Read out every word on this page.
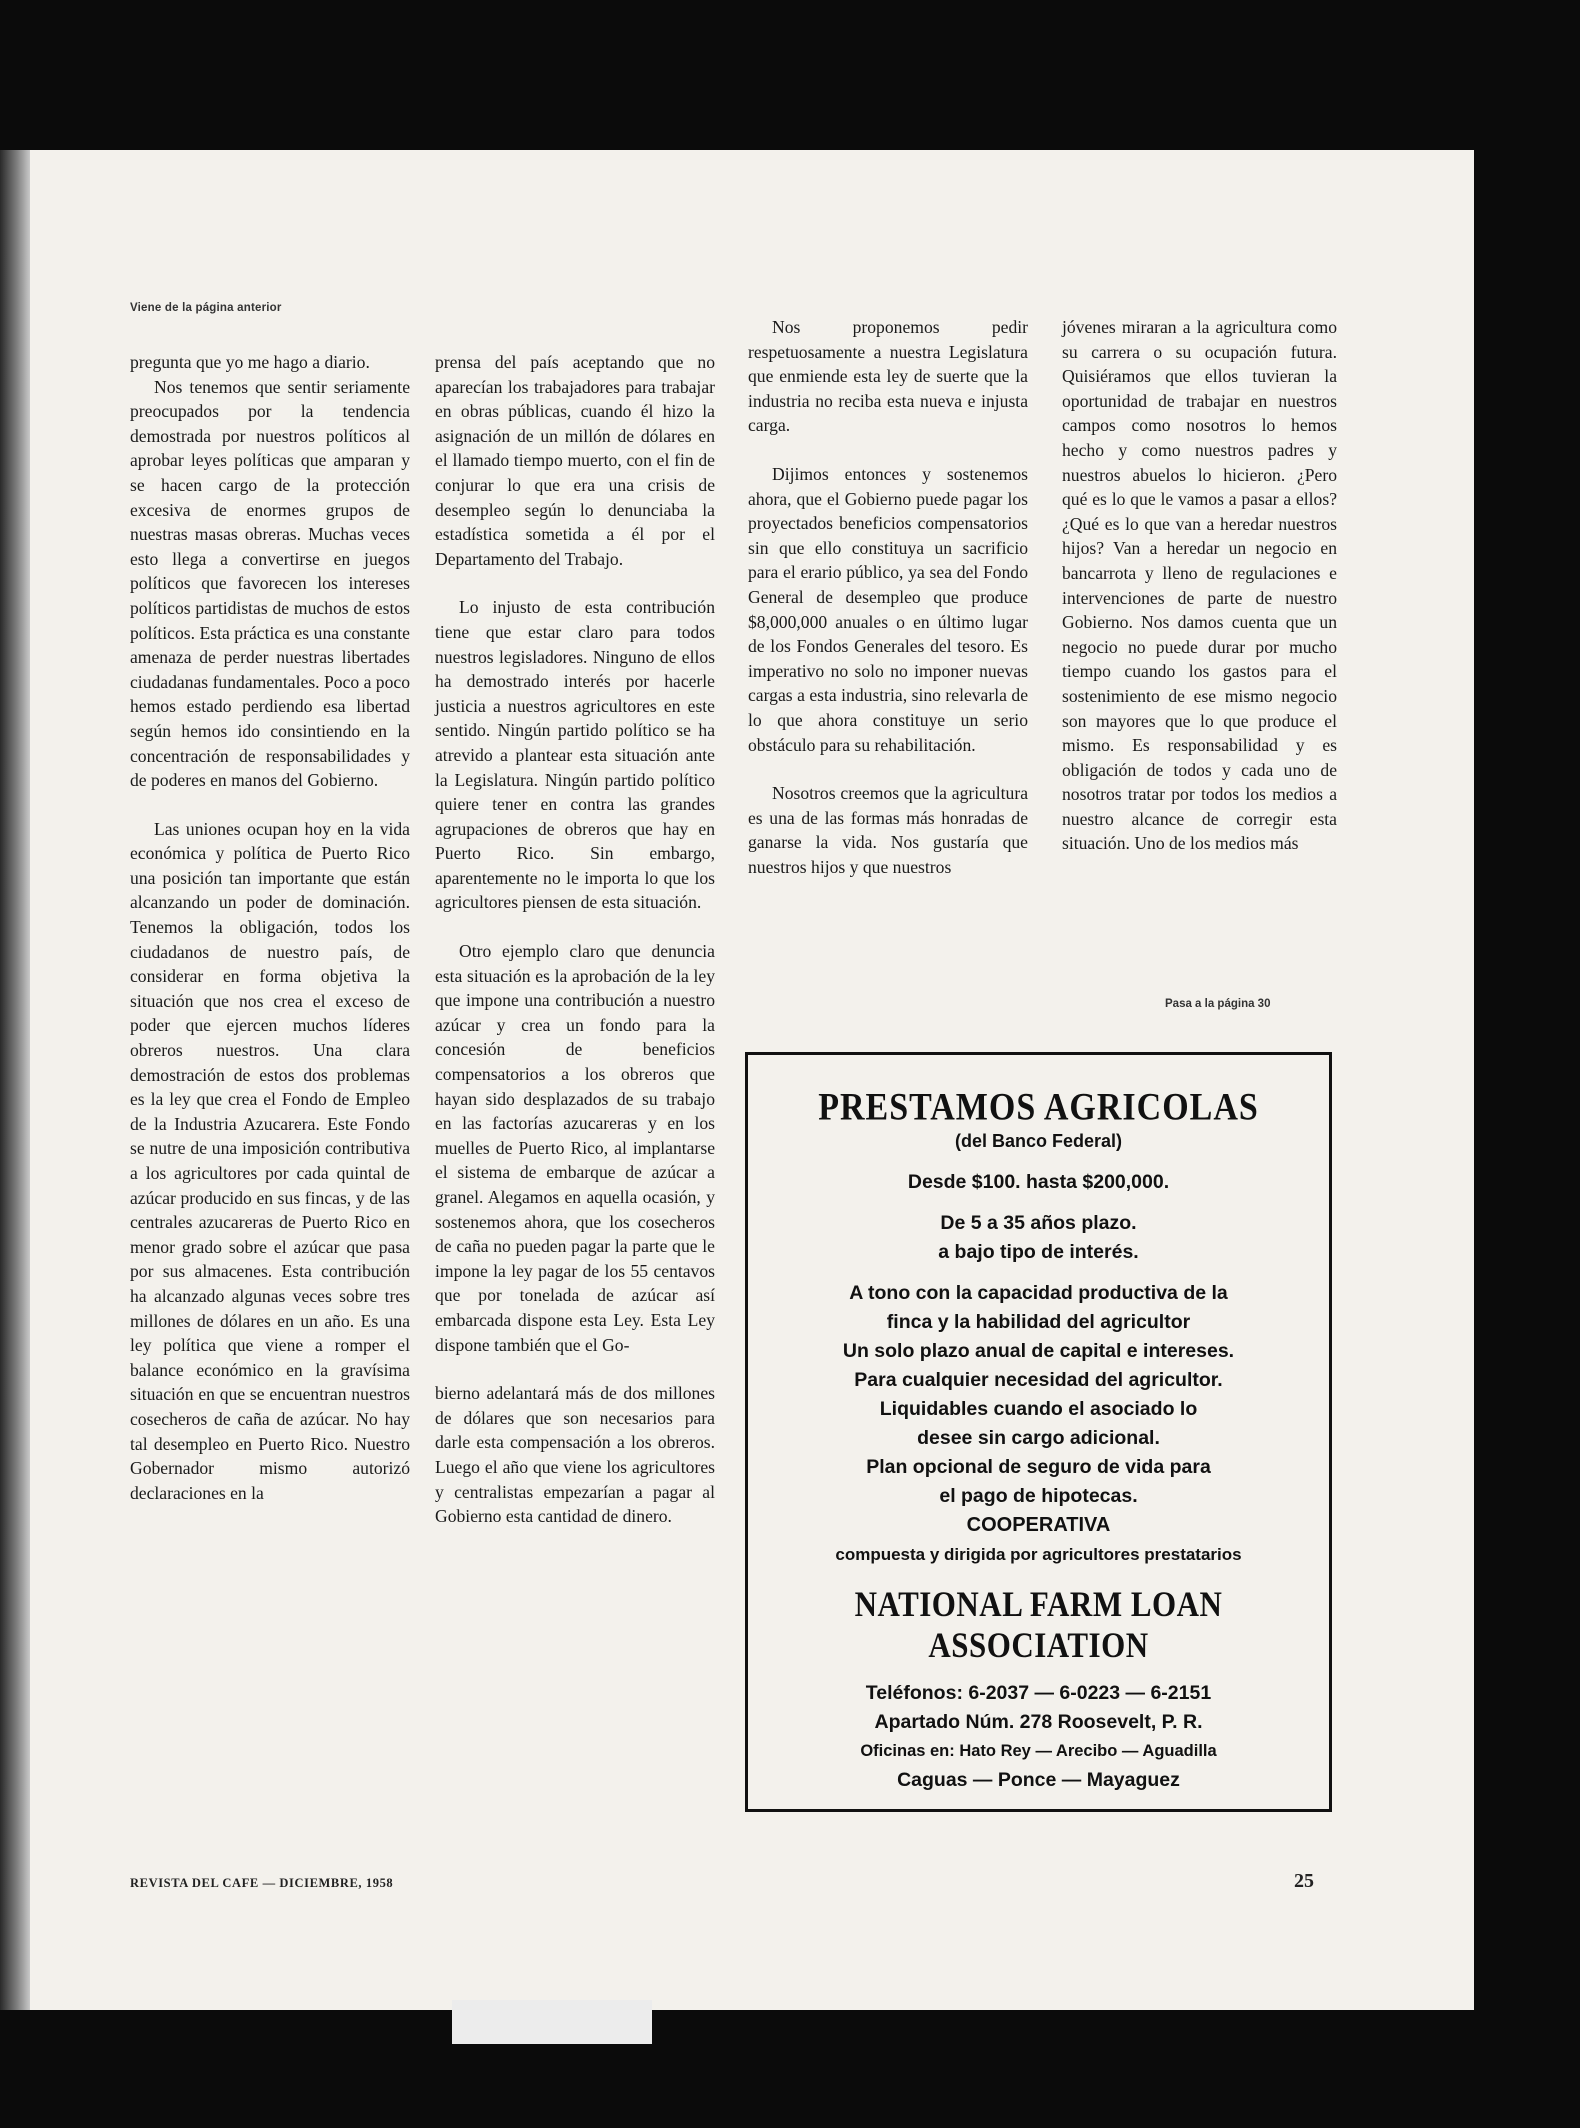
Viene de la página anterior

pregunta que yo me hago a diario.

Nos tenemos que sentir seriamente preocupados por la tendencia demostrada por nuestros políticos al aprobar leyes políticas que amparan y se hacen cargo de la protección excesiva de enormes grupos de nuestras masas obreras. Muchas veces esto llega a convertirse en juegos políticos que favorecen los intereses políticos partidistas de muchos de estos políticos. Esta práctica es una constante amenaza de perder nuestras libertades ciudadanas fundamentales. Poco a poco hemos estado perdiendo esa libertad según hemos ido consintiendo en la concentración de responsabilidades y de poderes en manos del Gobierno.

Las uniones ocupan hoy en la vida económica y política de Puerto Rico una posición tan importante que están alcanzando un poder de dominación. Tenemos la obligación, todos los ciudadanos de nuestro país, de considerar en forma objetiva la situación que nos crea el exceso de poder que ejercen muchos líderes obreros nuestros. Una clara demostración de estos dos problemas es la ley que crea el Fondo de Empleo de la Industria Azucarera. Este Fondo se nutre de una imposición contributiva a los agricultores por cada quintal de azúcar producido en sus fincas, y de las centrales azucareras de Puerto Rico en menor grado sobre el azúcar que pasa por sus almacenes. Esta contribución ha alcanzado algunas veces sobre tres millones de dólares en un año. Es una ley política que viene a romper el balance económico en la gravísima situación en que se encuentran nuestros cosecheros de caña de azúcar. No hay tal desempleo en Puerto Rico. Nuestro Gobernador mismo autorizó declaraciones en la

prensa del país aceptando que no aparecían los trabajadores para trabajar en obras públicas, cuando él hizo la asignación de un millón de dólares en el llamado tiempo muerto, con el fin de conjurar lo que era una crisis de desempleo según lo denunciaba la estadística sometida a él por el Departamento del Trabajo.

Lo injusto de esta contribución tiene que estar claro para todos nuestros legisladores. Ninguno de ellos ha demostrado interés por hacerle justicia a nuestros agricultores en este sentido. Ningún partido político se ha atrevido a plantear esta situación ante la Legislatura. Ningún partido político quiere tener en contra las grandes agrupaciones de obreros que hay en Puerto Rico. Sin embargo, aparentemente no le importa lo que los agricultores piensen de esta situación.

Otro ejemplo claro que denuncia esta situación es la aprobación de la ley que impone una contribución a nuestro azúcar y crea un fondo para la concesión de beneficios compensatorios a los obreros que hayan sido desplazados de su trabajo en las factorías azucareras y en los muelles de Puerto Rico, al implantarse el sistema de embarque de azúcar a granel. Alegamos en aquella ocasión, y sostenemos ahora, que los cosecheros de caña no pueden pagar la parte que le impone la ley pagar de los 55 centavos que por tonelada de azúcar así embarcada dispone esta Ley. Esta Ley dispone también que el Go-

bierno adelantará más de dos millones de dólares que son necesarios para darle esta compensación a los obreros. Luego el año que viene los agricultores y centralistas empezarían a pagar al Gobierno esta cantidad de dinero.

Nos proponemos pedir respetuosamente a nuestra Legislatura que enmiende esta ley de suerte que la industria no reciba esta nueva e injusta carga.

Dijimos entonces y sostenemos ahora, que el Gobierno puede pagar los proyectados beneficios compensatorios sin que ello constituya un sacrificio para el erario público, ya sea del Fondo General de desempleo que produce $8,000,000 anuales o en último lugar de los Fondos Generales del tesoro. Es imperativo no solo no imponer nuevas cargas a esta industria, sino relevarla de lo que ahora constituye un serio obstáculo para su rehabilitación.

Nosotros creemos que la agricultura es una de las formas más honradas de ganarse la vida. Nos gustaría que nuestros hijos y que nuestros

jóvenes miraran a la agricultura como su carrera o su ocupación futura. Quisiéramos que ellos tuvieran la oportunidad de trabajar en nuestros campos como nosotros lo hemos hecho y como nuestros padres y nuestros abuelos lo hicieron. ¿Pero qué es lo que le vamos a pasar a ellos? ¿Qué es lo que van a heredar nuestros hijos? Van a heredar un negocio en bancarrota y lleno de regulaciones e intervenciones de parte de nuestro Gobierno. Nos damos cuenta que un negocio no puede durar por mucho tiempo cuando los gastos para el sostenimiento de ese mismo negocio son mayores que lo que produce el mismo. Es responsabilidad y es obligación de todos y cada uno de nosotros tratar por todos los medios a nuestro alcance de corregir esta situación. Uno de los medios más

Pasa a la página 30
PRESTAMOS AGRICOLAS
(del Banco Federal)
Desde $100. hasta $200,000.
De 5 a 35 años plazo.
a bajo tipo de interés.
A tono con la capacidad productiva de la
finca y la habilidad del agricultor
Un solo plazo anual de capital e intereses.
Para cualquier necesidad del agricultor.
Liquidables cuando el asociado lo
desee sin cargo adicional.
Plan opcional de seguro de vida para
el pago de hipotecas.
COOPERATIVA
compuesta y dirigida por agricultores prestatarios
NATIONAL FARM LOAN ASSOCIATION
Teléfonos: 6-2037 — 6-0223 — 6-2151
Apartado Núm. 278 Roosevelt, P. R.
Oficinas en: Hato Rey — Arecibo — Aguadilla
Caguas — Ponce — Mayaguez
REVISTA DEL CAFE — DICIEMBRE, 1958	25
